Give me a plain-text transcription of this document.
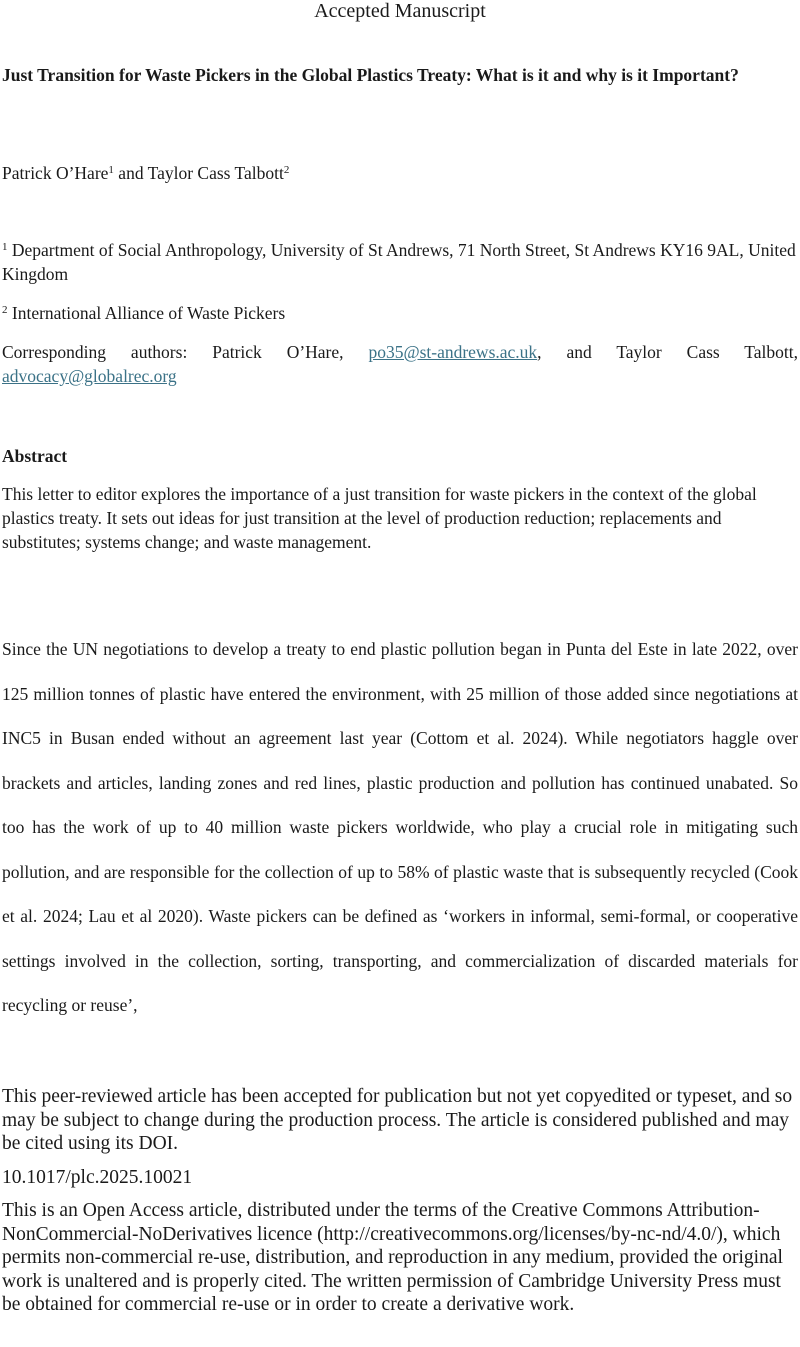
Accepted Manuscript
Just Transition for Waste Pickers in the Global Plastics Treaty: What is it and why is it Important?
Patrick O’Hare$^1$ and Taylor Cass Talbott$^2$
$^1$ Department of Social Anthropology, University of St Andrews, 71 North Street, St Andrews KY16 9AL, United Kingdom
$^2$ International Alliance of Waste Pickers
Corresponding authors: Patrick O’Hare, po35@st-andrews.ac.uk, and Taylor Cass Talbott, advocacy@globalrec.org
Abstract
This letter to editor explores the importance of a just transition for waste pickers in the context of the global plastics treaty. It sets out ideas for just transition at the level of production reduction; replacements and substitutes; systems change; and waste management.
Since the UN negotiations to develop a treaty to end plastic pollution began in Punta del Este in late 2022, over 125 million tonnes of plastic have entered the environment, with 25 million of those added since negotiations at INC5 in Busan ended without an agreement last year (Cottom et al. 2024). While negotiators haggle over brackets and articles, landing zones and red lines, plastic production and pollution has continued unabated. So too has the work of up to 40 million waste pickers worldwide, who play a crucial role in mitigating such pollution, and are responsible for the collection of up to 58% of plastic waste that is subsequently recycled (Cook et al. 2024; Lau et al 2020). Waste pickers can be defined as ‘workers in informal, semi-formal, or cooperative settings involved in the collection, sorting, transporting, and commercialization of discarded materials for recycling or reuse’,

This peer-reviewed article has been accepted for publication but not yet copyedited or typeset, and so may be subject to change during the production process. The article is considered published and may be cited using its DOI.

10.1017/plc.2025.10021

This is an Open Access article, distributed under the terms of the Creative Commons Attribution-NonCommercial-NoDerivatives licence (http://creativecommons.org/licenses/by-nc-nd/4.0/), which permits non-commercial re-use, distribution, and reproduction in any medium, provided the original work is unaltered and is properly cited. The written permission of Cambridge University Press must be obtained for commercial re-use or in order to create a derivative work.
